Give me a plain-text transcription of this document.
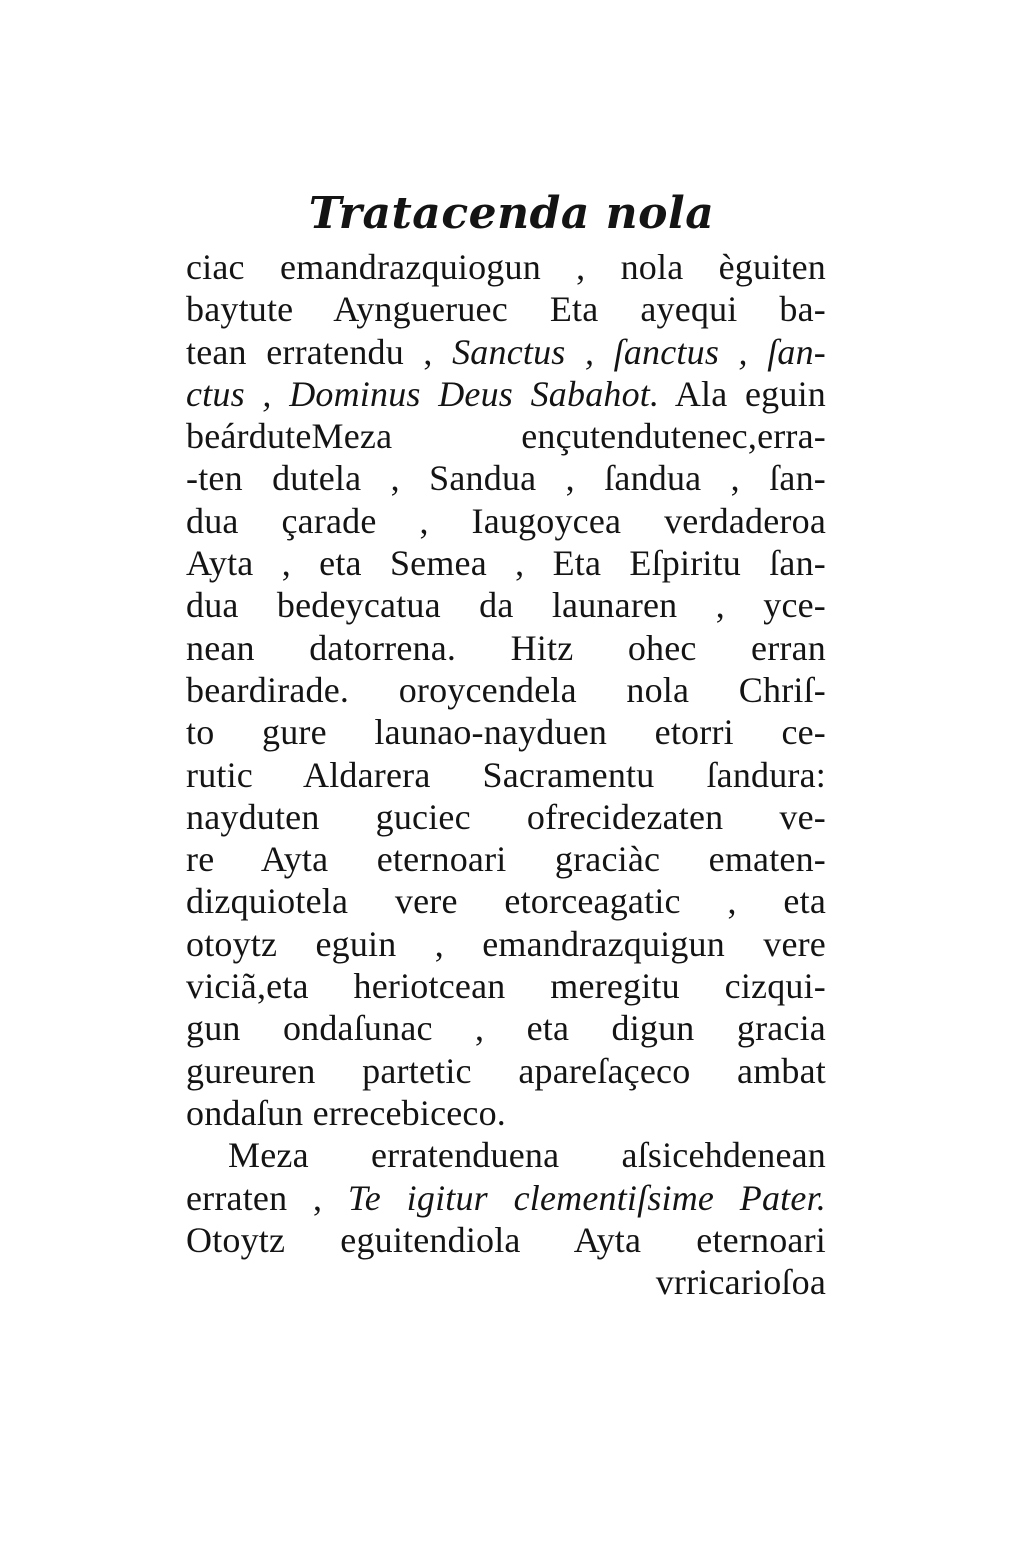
Tratacenda nola
ciac emandrazquiogun , nola èguiten
baytute Ayngueruec Eta ayequi ba-
tean erratendu , Sanctus , ſanctus , ſan-
ctus , Dominus Deus Sabahot. Ala eguin
beárduteMeza ençutendutenec,erra-
-ten dutela , Sandua , ſandua , ſan-
dua çarade , Iaugoycea verdaderoa
Ayta , eta Semea , Eta Eſpiritu ſan-
dua bedeycatua da launaren , yce-
nean datorrena. Hitz ohec erran
beardirade. oroycendela nola Chriſ-
to gure launao-nayduen etorri ce-
rutic Aldarera Sacramentu ſandura:
nayduten guciec ofrecidezaten ve-
re Ayta eternoari graciàc ematen-
dizquiotela vere etorceagatic , eta
otoytz eguin , emandrazquigun vere
viciã,eta heriotcean meregitu cizqui-
gun ondaſunac , eta digun gracia
gureuren partetic apareſaçeco ambat
ondaſun errecebiceco.
Meza erratenduena aſsicehdenean
erraten , Te igitur clementiſsime Pater.
Otoytz eguitendiola Ayta eternoari
vrricarioſoa
